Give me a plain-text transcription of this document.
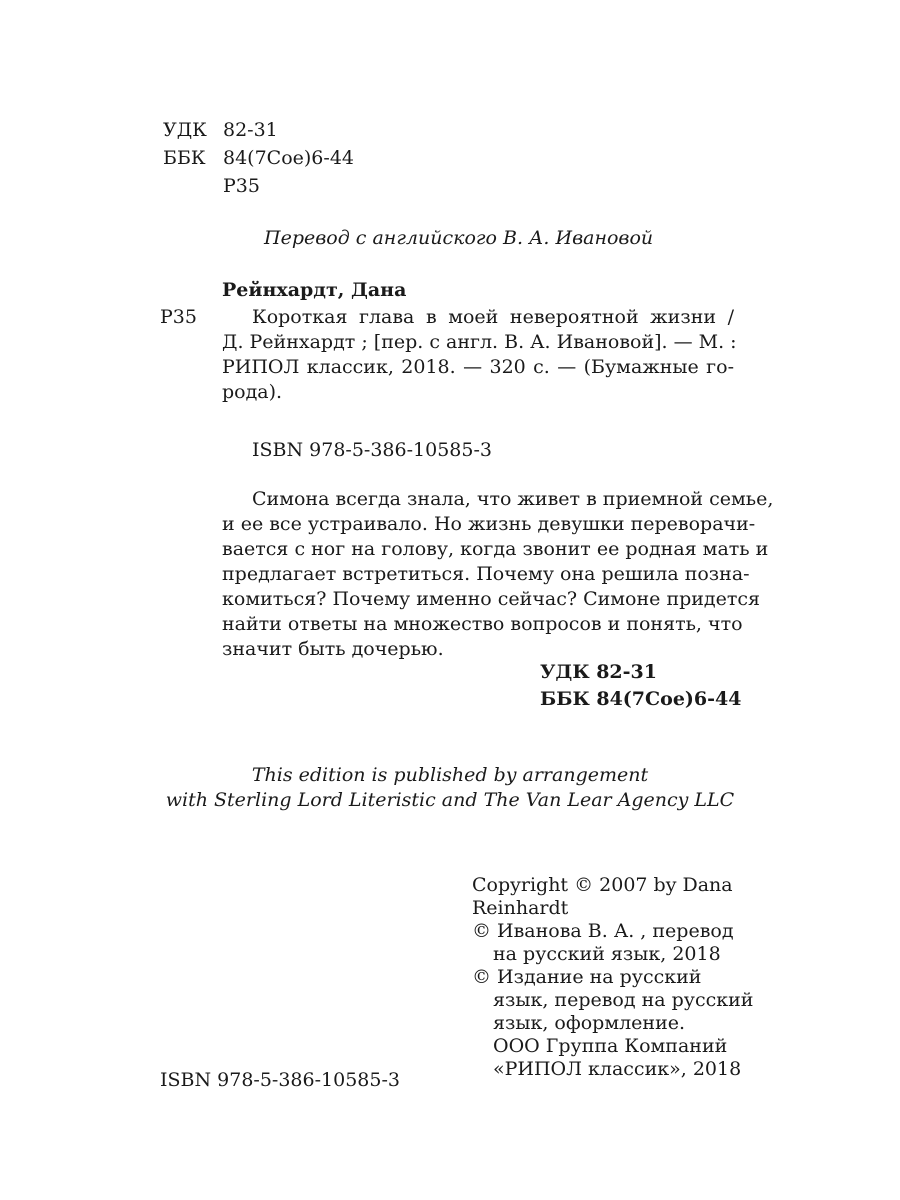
УДК 82-31
ББК 84(7Сое)6-44
Р35
Перевод с английского В. А. Ивановой
Рейнхардт, Дана
Р35	Короткая глава в моей невероятной жизни /
Д. Рейнхардт ; [пер. с англ. В. А. Ивановой]. — М. :
РИПОЛ классик, 2018. — 320 с. — (Бумажные го-
рода).
ISBN 978-5-386-10585-3
Симона всегда знала, что живет в приемной семье,
и ее все устраивало. Но жизнь девушки переворачи-
вается с ног на голову, когда звонит ее родная мать и
предлагает встретиться. Почему она решила позна-
комиться? Почему именно сейчас? Симоне придется
найти ответы на множество вопросов и понять, что
значит быть дочерью.
УДК 82-31
ББК 84(7Сое)6-44
This edition is published by arrangement
with Sterling Lord Literistic and The Van Lear Agency LLC
Copyright © 2007 by Dana
Reinhardt
© Иванова В. А. , перевод
на русский язык, 2018
© Издание на русский
язык, перевод на русский
язык, оформление.
ООО Группа Компаний
«РИПОЛ классик», 2018
ISBN 978-5-386-10585-3
